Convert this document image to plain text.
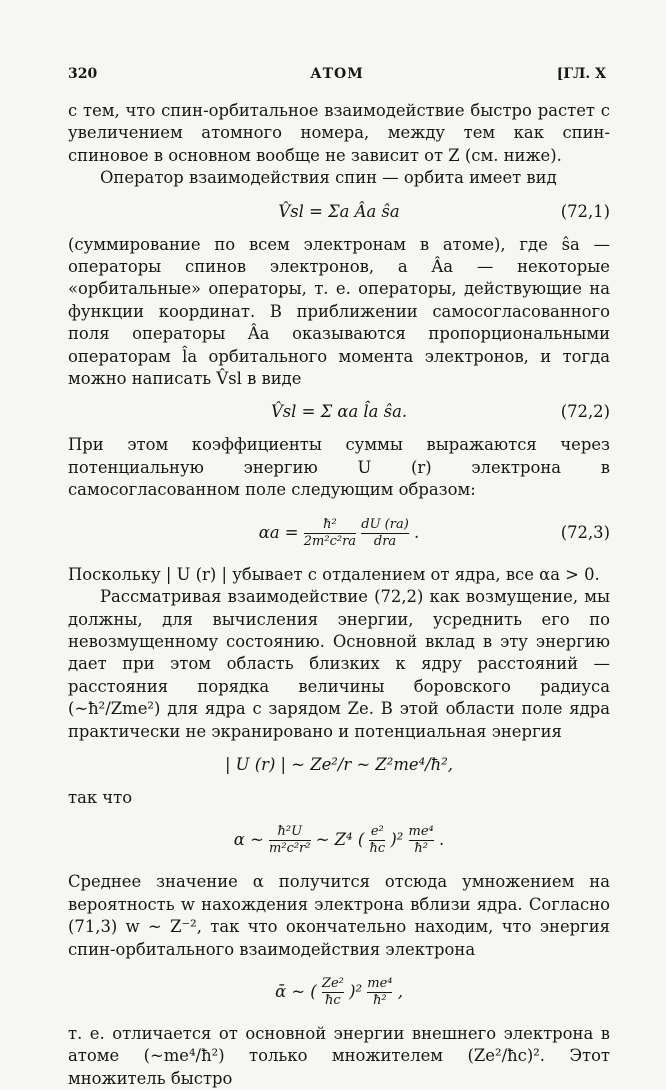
320	АТОМ	[ГЛ. X

с тем, что спин-орбитальное взаимодействие быстро растет с увеличением атомного номера, между тем как спин-спиновое в основном вообще не зависит от Z (см. ниже).

Оператор взаимодействия спин — орбита имеет вид

V̂sl = Σa Âa ŝa	(72,1)

(суммирование по всем электронам в атоме), где ŝa — операторы спинов электронов, а Âa — некоторые «орбитальные» операторы, т. е. операторы, действующие на функции координат. В приближении самосогласованного поля операторы Âa оказываются пропорциональными операторам l̂a орбитального момента электронов, и тогда можно написать V̂sl в виде

V̂sl = Σ αa l̂a ŝa.	(72,2)

При этом коэффициенты суммы выражаются через потенциальную энергию U (r) электрона в самосогласованном поле следующим образом:

$\alpha a = \frac{\text{ħ²}}{\text{2m²c²ra}}$
$\frac{dU (ra)}{\text{dra}}$ .	(72,3)

Поскольку | U (r) | убывает с отдалением от ядра, все αa > 0.

Рассматривая взаимодействие (72,2) как возмущение, мы должны, для вычисления энергии, усреднить его по невозмущенному состоянию. Основной вклад в эту энергию дает при этом область близких к ядру расстояний — расстояния порядка величины боровского радиуса (~ħ²/Zme²) для ядра с зарядом Ze. В этой области поле ядра практически не экранировано и потенциальная энергия

| U (r) | ~ Ze²/r ~ Z²me⁴/ħ²,

так что

α ~ $\frac{\text{ħ²U}}{\text{m²c²r²}}$ ~ Z⁴ ( $\frac{\text{e²}}{ħc} )^2 \frac{\text{me⁴}}{\text{ħ²}}$ .

Среднее значение α получится отсюда умножением на вероятность w нахождения электрона вблизи ядра. Согласно (71,3) w ~ Z⁻², так что окончательно находим, что энергия спин-орбитального взаимодействия электрона

ᾱ ~ ( $\frac{\text{Ze²}}{ħc} )^2 \frac{\text{me⁴}}{\text{ħ²}}$ ,

т. е. отличается от основной энергии внешнего электрона в атоме (~me⁴/ħ²) только множителем (Ze²/ħc)². Этот множитель быстро
